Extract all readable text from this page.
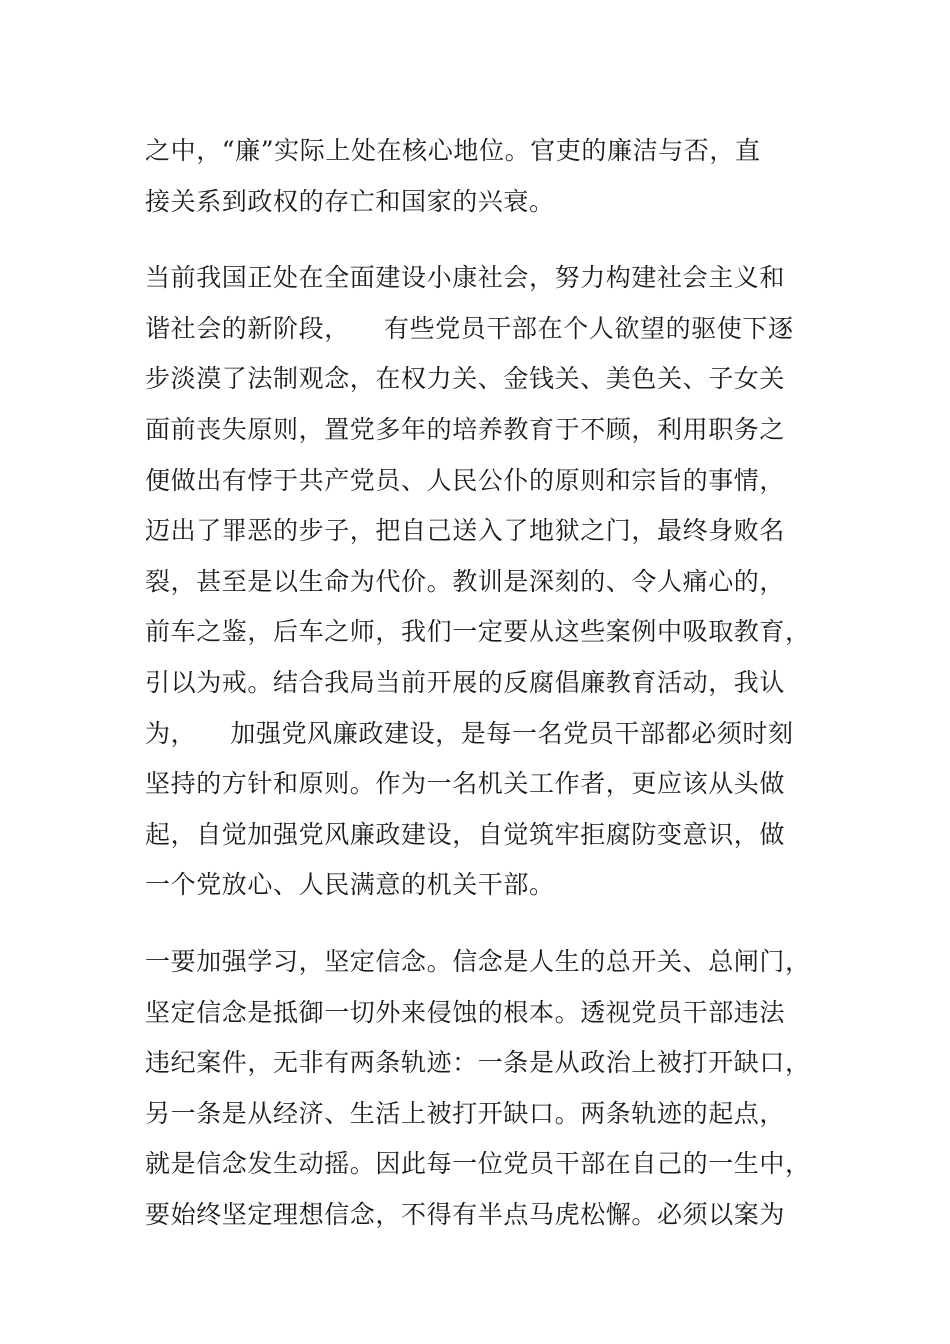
之中，“廉”实际上处在核心地位。官吏的廉洁与否，直
接关系到政权的存亡和国家的兴衰。
当前我国正处在全面建设小康社会，努力构建社会主义和
谐社会的新阶段，    有些党员干部在个人欲望的驱使下逐
步淡漠了法制观念，在权力关、金钱关、美色关、子女关
面前丧失原则，置党多年的培养教育于不顾，利用职务之
便做出有悖于共产党员、人民公仆的原则和宗旨的事情，
迈出了罪恶的步子，把自己送入了地狱之门，最终身败名
裂，甚至是以生命为代价。教训是深刻的、令人痛心的，
前车之鉴，后车之师，我们一定要从这些案例中吸取教育，
引以为戒。结合我局当前开展的反腐倡廉教育活动，我认
为，    加强党风廉政建设，是每一名党员干部都必须时刻
坚持的方针和原则。作为一名机关工作者，更应该从头做
起，自觉加强党风廉政建设，自觉筑牢拒腐防变意识，做
一个党放心、人民满意的机关干部。
一要加强学习，坚定信念。信念是人生的总开关、总闸门，
坚定信念是抵御一切外来侵蚀的根本。透视党员干部违法
违纪案件，无非有两条轨迹：一条是从政治上被打开缺口，
另一条是从经济、生活上被打开缺口。两条轨迹的起点，
就是信念发生动摇。因此每一位党员干部在自己的一生中，
要始终坚定理想信念，不得有半点马虎松懈。必须以案为
